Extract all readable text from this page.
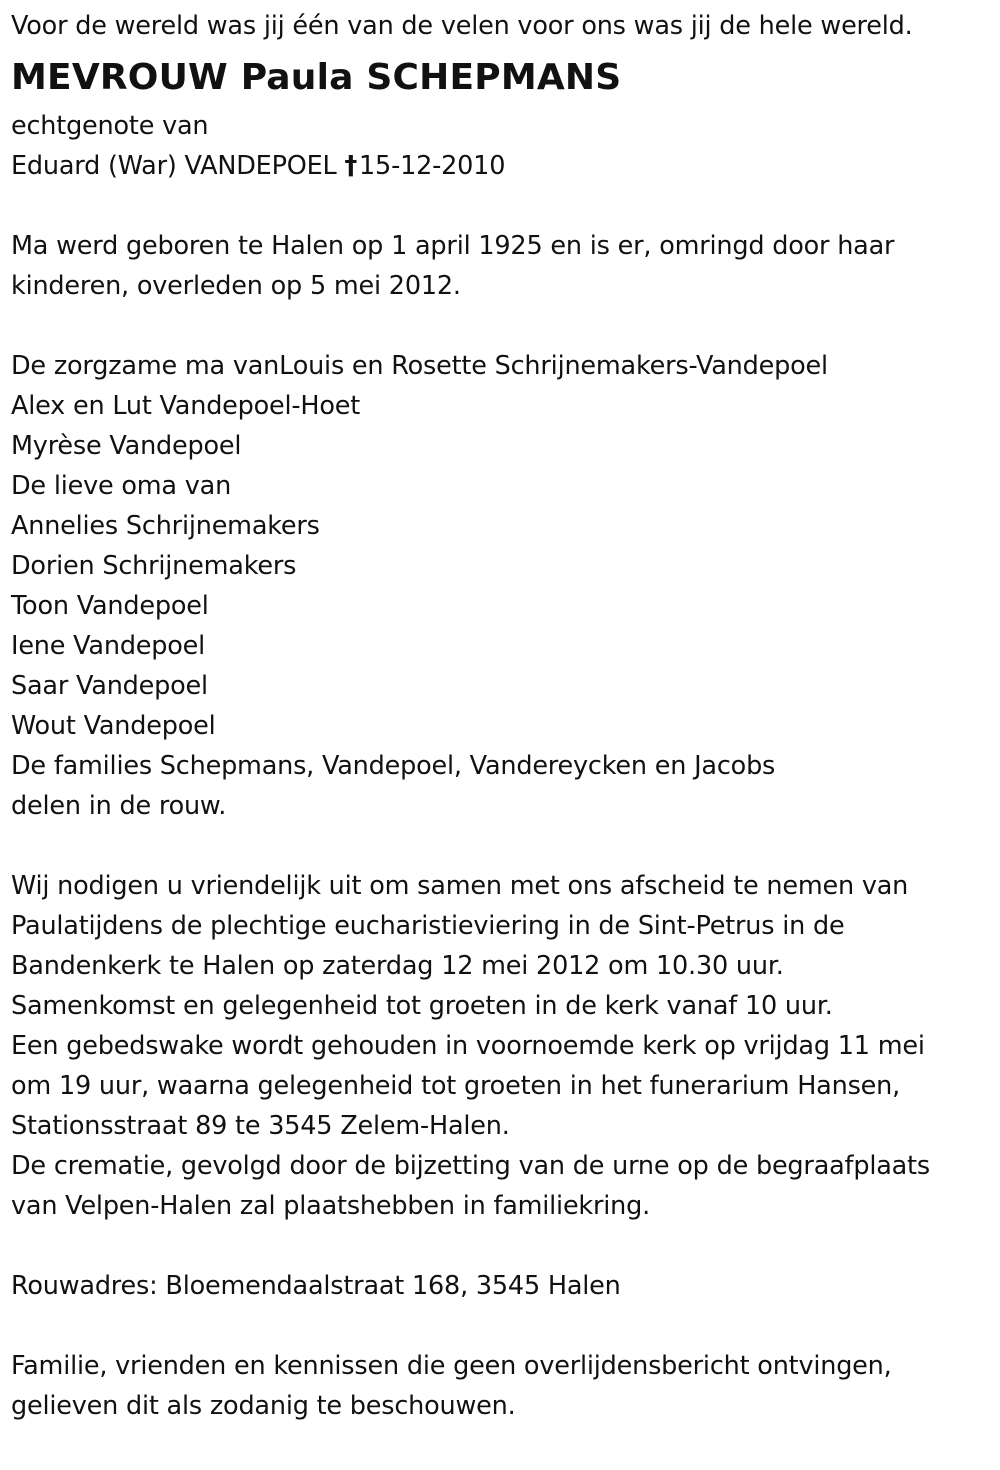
Voor de wereld was jij één van de velen voor ons was jij de hele wereld.
MEVROUW Paula SCHEPMANS
echtgenote van
Eduard (War) VANDEPOEL †15-12-2010
Ma werd geboren te Halen op 1 april 1925 en is er, omringd door haar
kinderen, overleden op 5 mei 2012.
De zorgzame ma vanLouis en Rosette Schrijnemakers-Vandepoel
Alex en Lut Vandepoel-Hoet
Myrèse Vandepoel
De lieve oma van
Annelies Schrijnemakers
Dorien Schrijnemakers
Toon Vandepoel
Iene Vandepoel
Saar Vandepoel
Wout Vandepoel
De families Schepmans, Vandepoel, Vandereycken en Jacobs
delen in de rouw.
Wij nodigen u vriendelijk uit om samen met ons afscheid te nemen van
Paulatijdens de plechtige eucharistieviering in de Sint-Petrus in de
Bandenkerk te Halen op zaterdag 12 mei 2012 om 10.30 uur.
Samenkomst en gelegenheid tot groeten in de kerk vanaf 10 uur.
Een gebedswake wordt gehouden in voornoemde kerk op vrijdag 11 mei
om 19 uur, waarna gelegenheid tot groeten in het funerarium Hansen,
Stationsstraat 89 te 3545 Zelem-Halen.
De crematie, gevolgd door de bijzetting van de urne op de begraafplaats
van Velpen-Halen zal plaatshebben in familiekring.
Rouwadres: Bloemendaalstraat 168, 3545 Halen
Familie, vrienden en kennissen die geen overlijdensbericht ontvingen,
gelieven dit als zodanig te beschouwen.
